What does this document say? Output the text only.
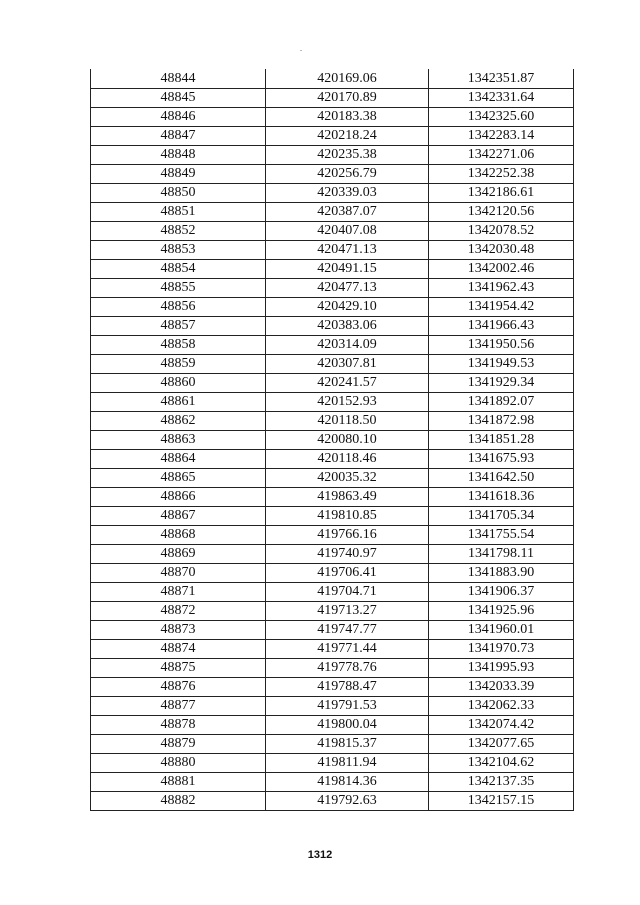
48844	420169.06	1342351.87
48845	420170.89	1342331.64
48846	420183.38	1342325.60
48847	420218.24	1342283.14
48848	420235.38	1342271.06
48849	420256.79	1342252.38
48850	420339.03	1342186.61
48851	420387.07	1342120.56
48852	420407.08	1342078.52
48853	420471.13	1342030.48
48854	420491.15	1342002.46
48855	420477.13	1341962.43
48856	420429.10	1341954.42
48857	420383.06	1341966.43
48858	420314.09	1341950.56
48859	420307.81	1341949.53
48860	420241.57	1341929.34
48861	420152.93	1341892.07
48862	420118.50	1341872.98
48863	420080.10	1341851.28
48864	420118.46	1341675.93
48865	420035.32	1341642.50
48866	419863.49	1341618.36
48867	419810.85	1341705.34
48868	419766.16	1341755.54
48869	419740.97	1341798.11
48870	419706.41	1341883.90
48871	419704.71	1341906.37
48872	419713.27	1341925.96
48873	419747.77	1341960.01
48874	419771.44	1341970.73
48875	419778.76	1341995.93
48876	419788.47	1342033.39
48877	419791.53	1342062.33
48878	419800.04	1342074.42
48879	419815.37	1342077.65
48880	419811.94	1342104.62
48881	419814.36	1342137.35
48882	419792.63	1342157.15
1312
